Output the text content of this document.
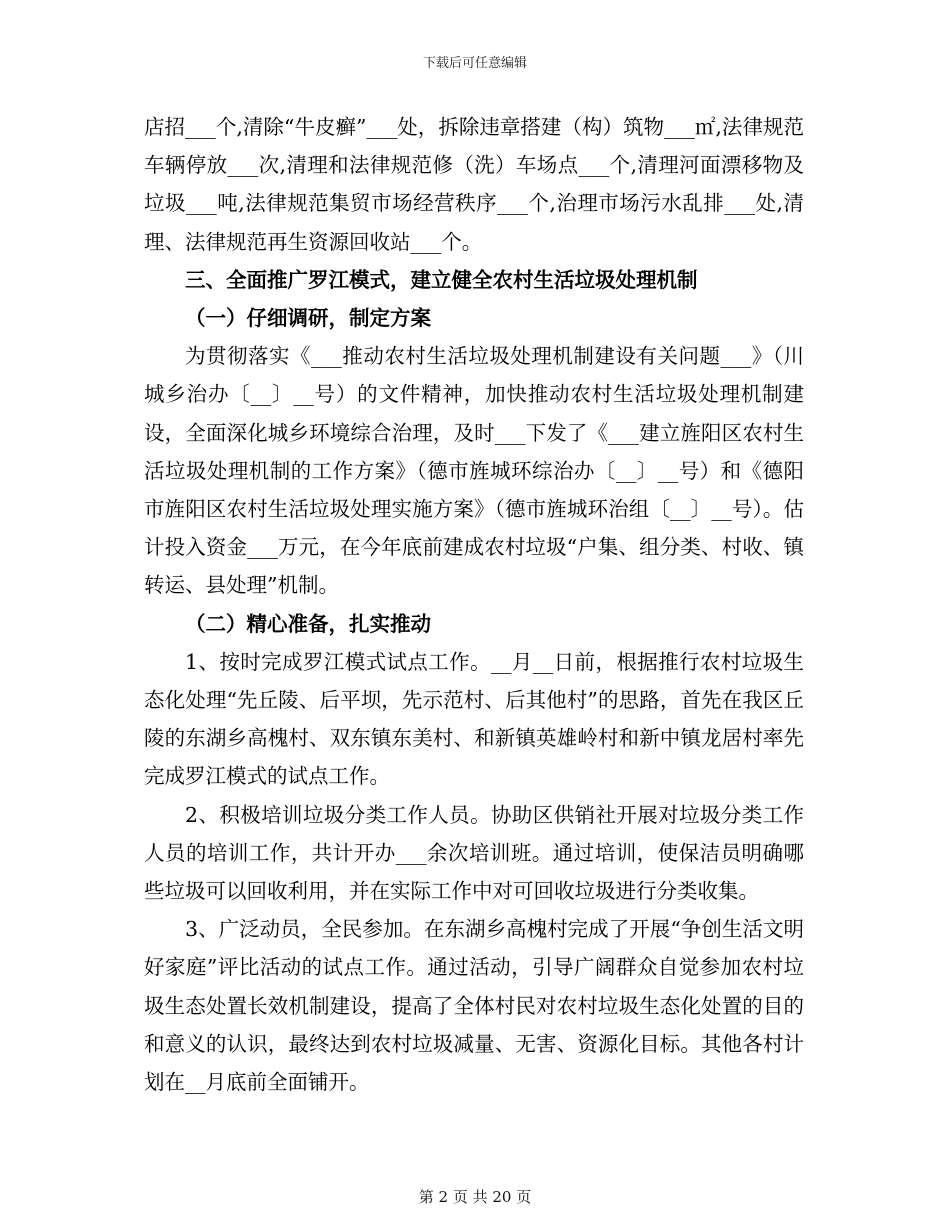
下载后可任意编辑

店招___个,清除“牛皮癣”___处，拆除违章搭建（构）筑物___㎡,法律规范车辆停放___次,清理和法律规范修（洗）车场点___个,清理河面漂移物及垃圾___吨,法律规范集贸市场经营秩序___个,治理市场污水乱排___处,清理、法律规范再生资源回收站___个。

三、全面推广罗江模式，建立健全农村生活垃圾处理机制

（一）仔细调研，制定方案

为贯彻落实《___推动农村生活垃圾处理机制建设有关问题___》（川城乡治办〔__〕__号）的文件精神，加快推动农村生活垃圾处理机制建设，全面深化城乡环境综合治理，及时___下发了《___建立旌阳区农村生活垃圾处理机制的工作方案》（德市旌城环综治办〔__〕__号）和《德阳市旌阳区农村生活垃圾处理实施方案》（德市旌城环治组〔__〕__号）。估计投入资金___万元，在今年底前建成农村垃圾“户集、组分类、村收、镇转运、县处理”机制。

（二）精心准备，扎实推动

1、按时完成罗江模式试点工作。__月__日前，根据推行农村垃圾生态化处理“先丘陵、后平坝，先示范村、后其他村”的思路，首先在我区丘陵的东湖乡高槐村、双东镇东美村、和新镇英雄岭村和新中镇龙居村率先完成罗江模式的试点工作。

2、积极培训垃圾分类工作人员。协助区供销社开展对垃圾分类工作人员的培训工作，共计开办___余次培训班。通过培训，使保洁员明确哪些垃圾可以回收利用，并在实际工作中对可回收垃圾进行分类收集。

3、广泛动员，全民参加。在东湖乡高槐村完成了开展“争创生活文明好家庭”评比活动的试点工作。通过活动，引导广阔群众自觉参加农村垃圾生态处置长效机制建设，提高了全体村民对农村垃圾生态化处置的目的和意义的认识，最终达到农村垃圾减量、无害、资源化目标。其他各村计划在__月底前全面铺开。

第 2 页 共 20 页
